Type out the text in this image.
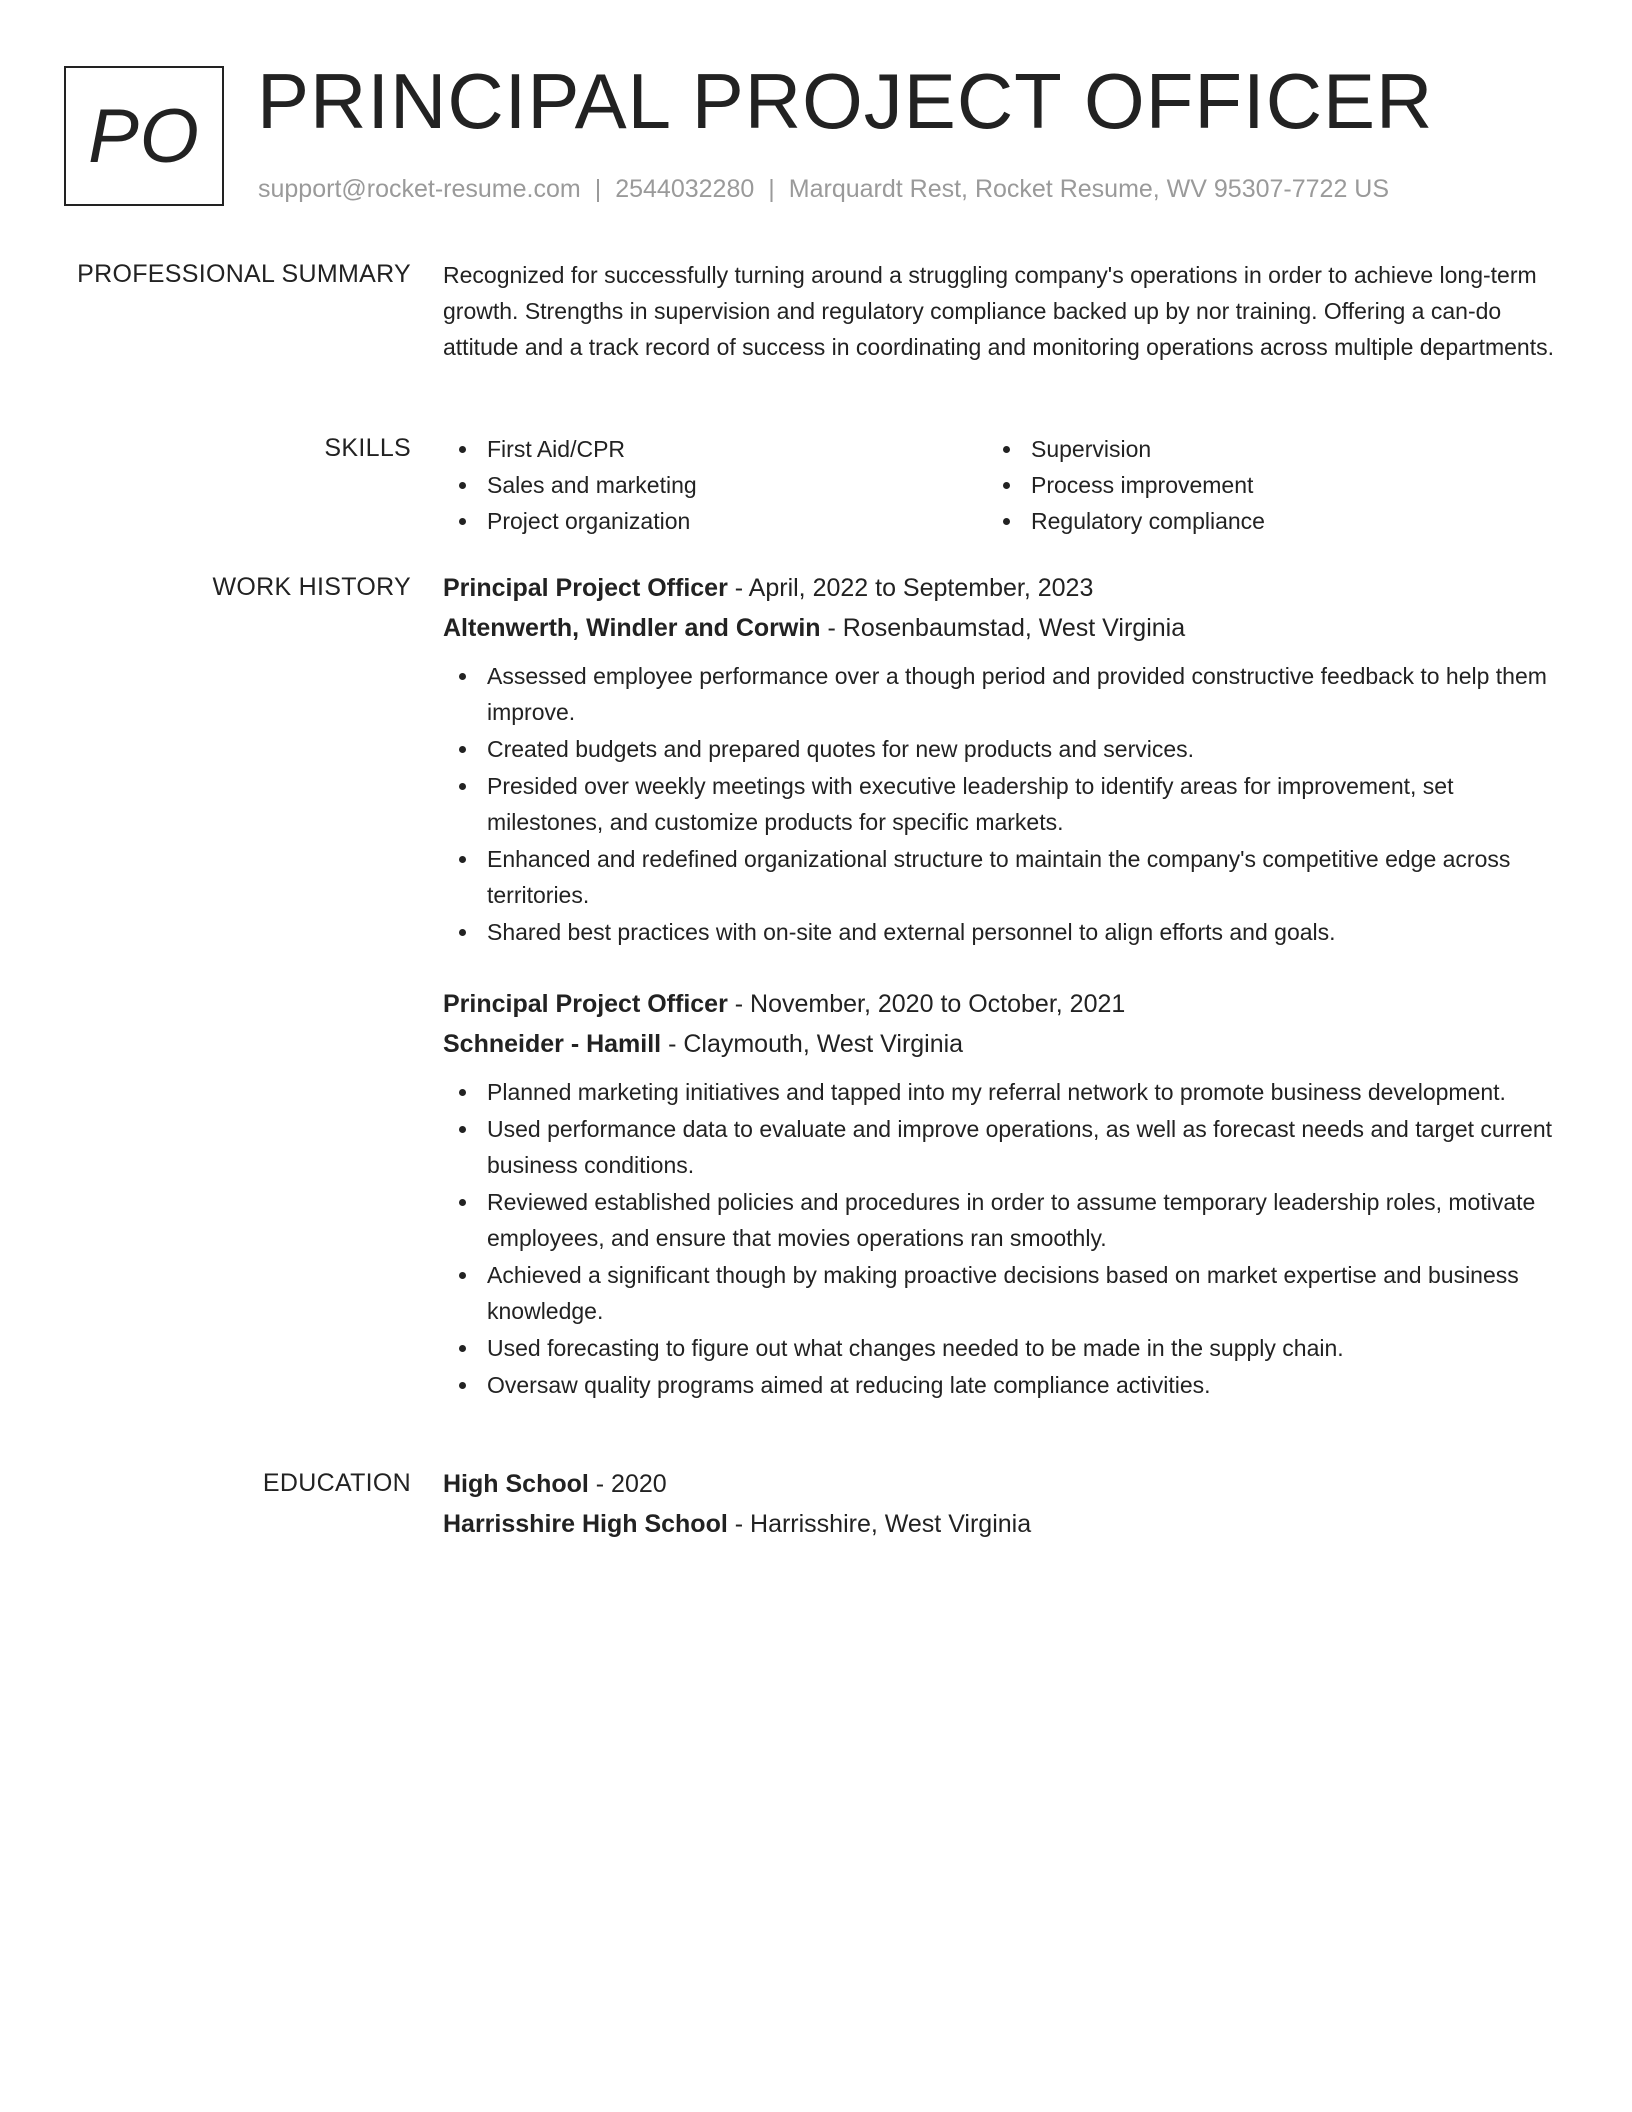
PO PRINCIPAL PROJECT OFFICER
support@rocket-resume.com | 2544032280 | Marquardt Rest, Rocket Resume, WV 95307-7722 US
PROFESSIONAL SUMMARY Recognized for successfully turning around a struggling company's operations in order to achieve long-term growth. Strengths in supervision and regulatory compliance backed up by nor training. Offering a can-do attitude and a track record of success in coordinating and monitoring operations across multiple departments.

SKILLS	First Aid/CPR
Sales and marketing
Project organization
Supervision
Process improvement
Regulatory compliance
WORK HISTORY Principal Project Officer - April, 2022 to September, 2023
Altenwerth, Windler and Corwin - Rosenbaumstad, West Virginia
Assessed employee performance over a though period and provided constructive feedback to help them improve.
Created budgets and prepared quotes for new products and services.
Presided over weekly meetings with executive leadership to identify areas for improvement, set milestones, and customize products for specific markets.
Enhanced and redefined organizational structure to maintain the company's competitive edge across territories.
Shared best practices with on-site and external personnel to align efforts and goals.
Principal Project Officer - November, 2020 to October, 2021
Schneider - Hamill - Claymouth, West Virginia
Planned marketing initiatives and tapped into my referral network to promote business development.
Used performance data to evaluate and improve operations, as well as forecast needs and target current business conditions.
Reviewed established policies and procedures in order to assume temporary leadership roles, motivate employees, and ensure that movies operations ran smoothly.
Achieved a significant though by making proactive decisions based on market expertise and business knowledge.
Used forecasting to figure out what changes needed to be made in the supply chain.
Oversaw quality programs aimed at reducing late compliance activities.
EDUCATION High School - 2020
Harrisshire High School - Harrisshire, West Virginia
